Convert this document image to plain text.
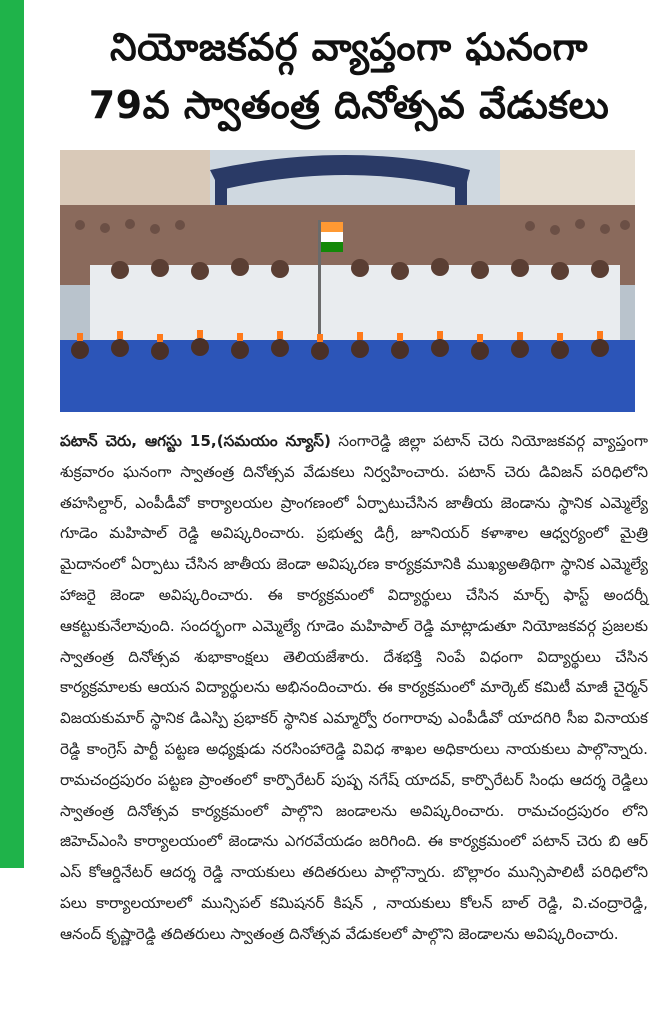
నియోజకవర్గ వ్యాప్తంగా ఘనంగా
79వ స్వాతంత్ర దినోత్సవ వేడుకలు
పటాన్ చెరు, ఆగస్టు 15,(సమయం న్యూస్) సంగారెడ్డి జిల్లా పటాన్ చెరు నియోజకవర్గ వ్యాప్తంగా శుక్రవారం ఘనంగా స్వాతంత్ర దినోత్సవ వేడుకలు నిర్వహించారు. పటాన్ చెరు డివిజన్ పరిధిలోని తహసిల్దార్, ఎంపీడీవో కార్యాలయల ప్రాంగణంలో ఏర్పాటుచేసిన జాతీయ జెండాను స్థానిక ఎమ్మెల్యే గూడెం మహిపాల్ రెడ్డి అవిష్కరించారు. ప్రభుత్వ డిగ్రీ, జూనియర్ కళాశాల ఆధ్వర్యంలో మైత్రి మైదానంలో ఏర్పాటు చేసిన జాతీయ జెండా అవిష్కరణ కార్యక్రమానికి ముఖ్యఅతిథిగా స్థానిక ఎమ్మెల్యే హాజరై జెండా అవిష్కరించారు. ఈ కార్యక్రమంలో విద్యార్థులు చేసిన మార్చ్ ఫాస్ట్ అందర్నీ ఆకట్టుకునేలావుంది. సందర్భంగా ఎమ్మెల్యే గూడెం మహిపాల్ రెడ్డి మాట్లాడుతూ నియోజకవర్గ ప్రజలకు స్వాతంత్ర దినోత్సవ శుభాకాంక్షలు తెలియజేశారు. దేశభక్తి నింపే విధంగా విద్యార్థులు చేసిన కార్యక్రమాలకు ఆయన విద్యార్థులను అభినందించారు. ఈ కార్యక్రమంలో మార్కెట్ కమిటీ మాజీ చైర్మన్ విజయకుమార్ స్థానిక డిఎస్పి ప్రభాకర్ స్థానిక ఎమ్మార్వో రంగారావు ఎంపీడీవో యాదగిరి సీఐ వినాయక రెడ్డి కాంగ్రెస్ పార్టీ పట్టణ అధ్యక్షుడు నరసింహారెడ్డి వివిధ శాఖల అధికారులు నాయకులు పాల్గొన్నారు. రామచంద్రపురం పట్టణ ప్రాంతంలో కార్పొరేటర్ పుష్ప నగేష్ యాదవ్, కార్పొరేటర్ సింధు ఆదర్శ రెడ్డిలు స్వాతంత్ర దినోత్సవ కార్యక్రమంలో పాల్గొని జండాలను అవిష్కరించారు. రామచంద్రపురం లోని జిహెచ్ఎంసి కార్యాలయంలో జెండాను ఎగరవేయడం జరిగింది. ఈ కార్యక్రమంలో పటాన్ చెరు బి ఆర్ ఎస్ కోఆర్డినేటర్ ఆదర్శ రెడ్డి నాయకులు తదితరులు పాల్గొన్నారు. బొల్లారం మున్సిపాలిటీ పరిధిలోని పలు కార్యాలయాలలో మున్సిపల్ కమిషనర్ కిషన్ , నాయకులు కోలన్ బాల్ రెడ్డి, వి.చంద్రారెడ్డి, ఆనంద్ కృష్ణారెడ్డి తదితరులు స్వాతంత్ర దినోత్సవ వేడుకలలో పాల్గొని జెండాలను అవిష్కరించారు.
